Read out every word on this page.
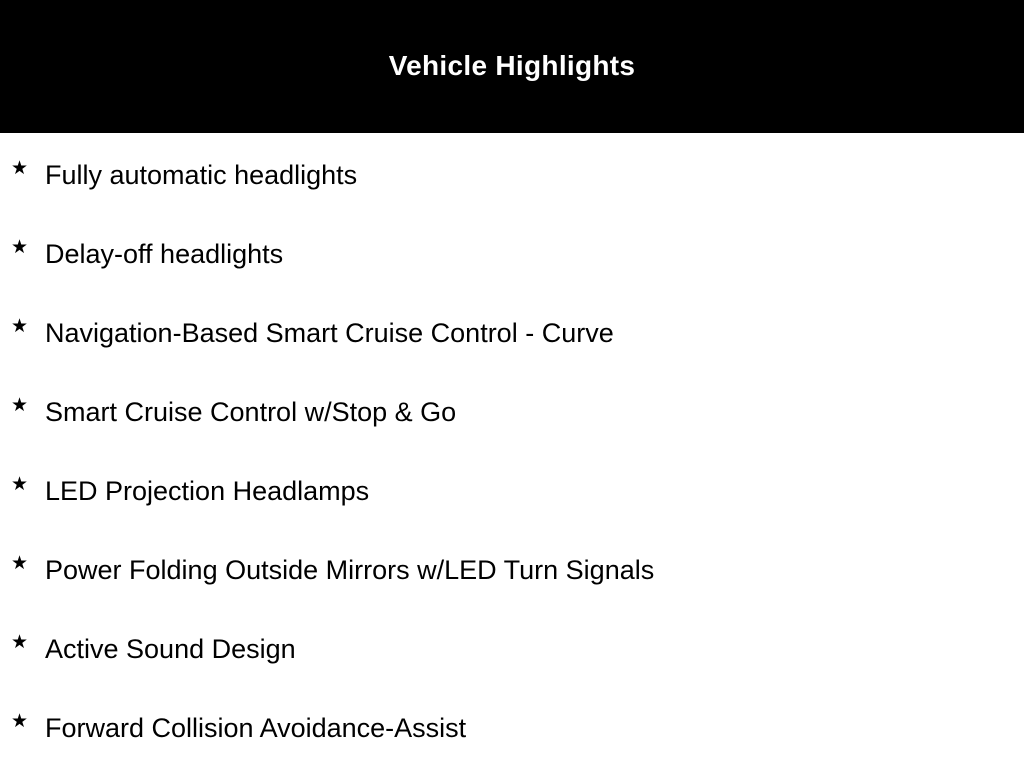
Vehicle Highlights
★ Fully automatic headlights
★ Delay-off headlights
★ Navigation-Based Smart Cruise Control - Curve
★ Smart Cruise Control w/Stop & Go
★ LED Projection Headlamps
★ Power Folding Outside Mirrors w/LED Turn Signals
★ Active Sound Design
★ Forward Collision Avoidance-Assist
